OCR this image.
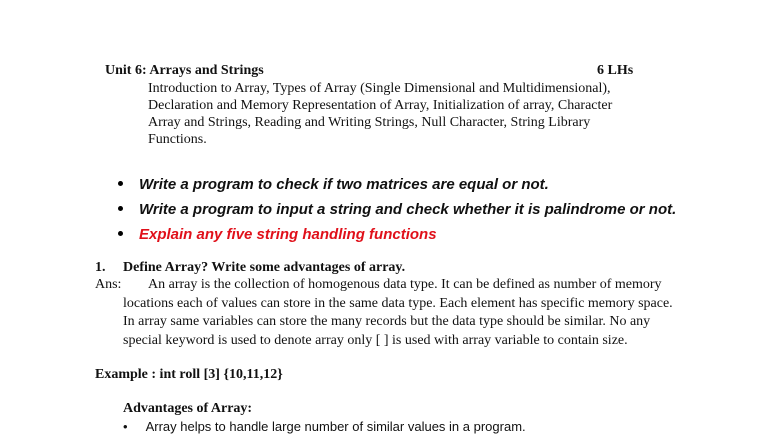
Unit 6: Arrays and Strings	6 LHs
Introduction to Array, Types of Array (Single Dimensional and Multidimensional),
Declaration and Memory Representation of Array, Initialization of array, Character
Array and Strings, Reading and Writing Strings, Null Character, String Library
Functions.
Write a program to check if two matrices are equal or not.
Write a program to input a string and check whether it is palindrome or not.
Explain any five string handling functions
1. Define Array? Write some advantages of array.
Ans: An array is the collection of homogenous data type. It can be defined as number of memory
locations each of values can store in the same data type. Each element has specific memory space.
In array same variables can store the many records but the data type should be similar. No any
special keyword is used to denote array only [ ] is used with array variable to contain size.
Example : int roll [3] {10,11,12}
Advantages of Array:
• Array helps to handle large number of similar values in a program.
